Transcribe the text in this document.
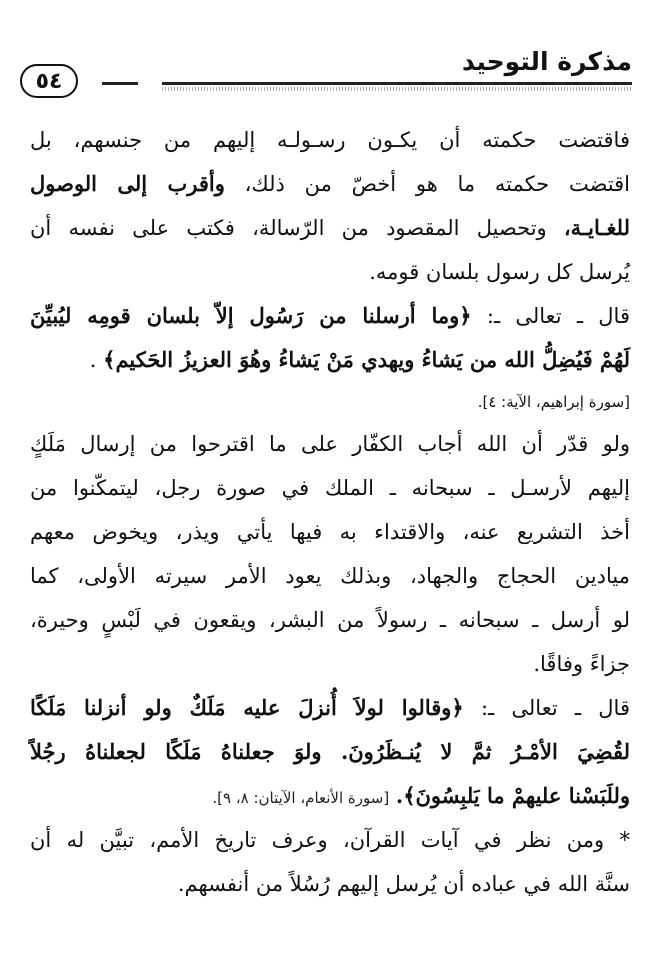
مذكرة التوحيد
٥٤
فاقتضت حكمته أن يكـون رسـولـه إليهم من جنسهم، بل
اقتضت حكمته ما هو أخصّ من ذلك، وأقرب إلى الوصول
للغـايـة، وتحصيل المقصود من الرّسالة، فكتب على نفسه أن
يُرسل كل رسول بلسان قومه.
قال ـ تعالى ـ: ﴿وما أرسلنا من رَسُول إلاّ بلسان قومِه ليُبيِّنَ
لَهُمْ فَيُضِلُّ الله من يَشاءُ ويهدي مَنْ يَشاءُ وهُوَ العزيزُ الحَكيم﴾ .
[سورة إبراهيم، الآية: ٤].
ولو قدّر أن الله أجاب الكفّار على ما اقترحوا من إرسال مَلَكٍ
إليهم لأرسـل ـ سبحانه ـ الملك في صورة رجل، ليتمكّنوا من
أخذ التشريع عنه، والاقتداء به فيها يأتي ويذر، ويخوض معهم
ميادين الحجاج والجهاد، وبذلك يعود الأمر سيرته الأولى، كما
لو أرسل ـ سبحانه ـ رسولاً من البشر، ويقعون في لَبْسٍ وحيرة،
جزاءً وفاقًا.
قال ـ تعالى ـ: ﴿وقالوا لولاَ أُنزلَ عليه مَلَكٌ ولو أنزلنا مَلَكًا
لقُضِيَ الأمْـرُ ثمَّ لا يُنـظَرُونَ. ولوَ جعلناهُ مَلَكًا لجعلناهُ رجُلاً
وللَبَسْنا عليهمْ ما يَلبِسُونَ﴾. [سورة الأنعام، الآيتان: ٨، ٩].
* ومن نظر في آيات القرآن، وعرف تاريخ الأمم، تبيَّن له أن
سنَّة الله في عباده أن يُرسل إليهم رُسُلاً من أنفسهم.
